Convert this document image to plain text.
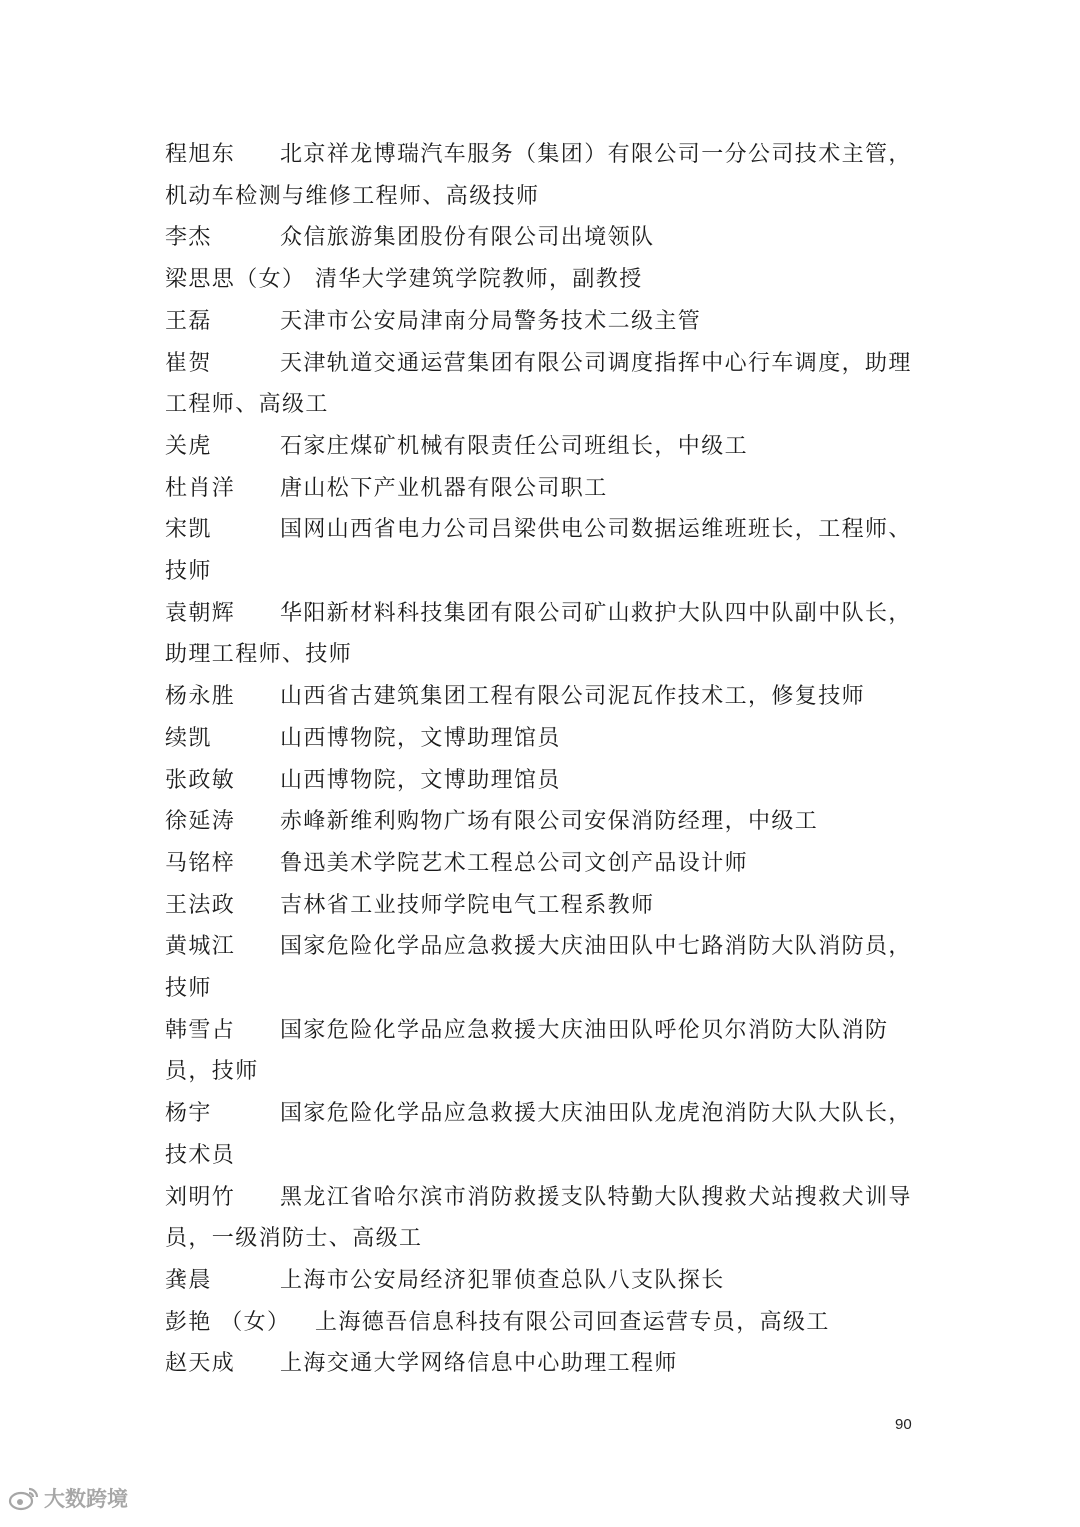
程旭东 北京祥龙博瑞汽车服务（集团）有限公司一分公司技术主管，机动车检测与维修工程师、高级技师
李杰	众信旅游集团股份有限公司出境领队
梁思思（女） 清华大学建筑学院教师，副教授
王磊	天津市公安局津南分局警务技术二级主管
崔贺	天津轨道交通运营集团有限公司调度指挥中心行车调度，助理工程师、高级工
关虎	石家庄煤矿机械有限责任公司班组长，中级工
杜肖洋 唐山松下产业机器有限公司职工
宋凯	国网山西省电力公司吕梁供电公司数据运维班班长，工程师、技师
袁朝辉 华阳新材料科技集团有限公司矿山救护大队四中队副中队长，助理工程师、技师
杨永胜 山西省古建筑集团工程有限公司泥瓦作技术工，修复技师
续凯	山西博物院，文博助理馆员
张政敏 山西博物院，文博助理馆员
徐延涛 赤峰新维利购物广场有限公司安保消防经理，中级工
马铭梓 鲁迅美术学院艺术工程总公司文创产品设计师
王法政 吉林省工业技师学院电气工程系教师
黄城江 国家危险化学品应急救援大庆油田队中七路消防大队消防员，技师
韩雪占 国家危险化学品应急救援大庆油田队呼伦贝尔消防大队消防员，技师
杨宇	国家危险化学品应急救援大庆油田队龙虎泡消防大队大队长，技术员
刘明竹 黑龙江省哈尔滨市消防救援支队特勤大队搜救犬站搜救犬训导员，一级消防士、高级工
龚晨	上海市公安局经济犯罪侦查总队八支队探长
彭艳 （女） 上海德吾信息科技有限公司回查运营专员，高级工
赵天成 上海交通大学网络信息中心助理工程师
90
大数跨境
